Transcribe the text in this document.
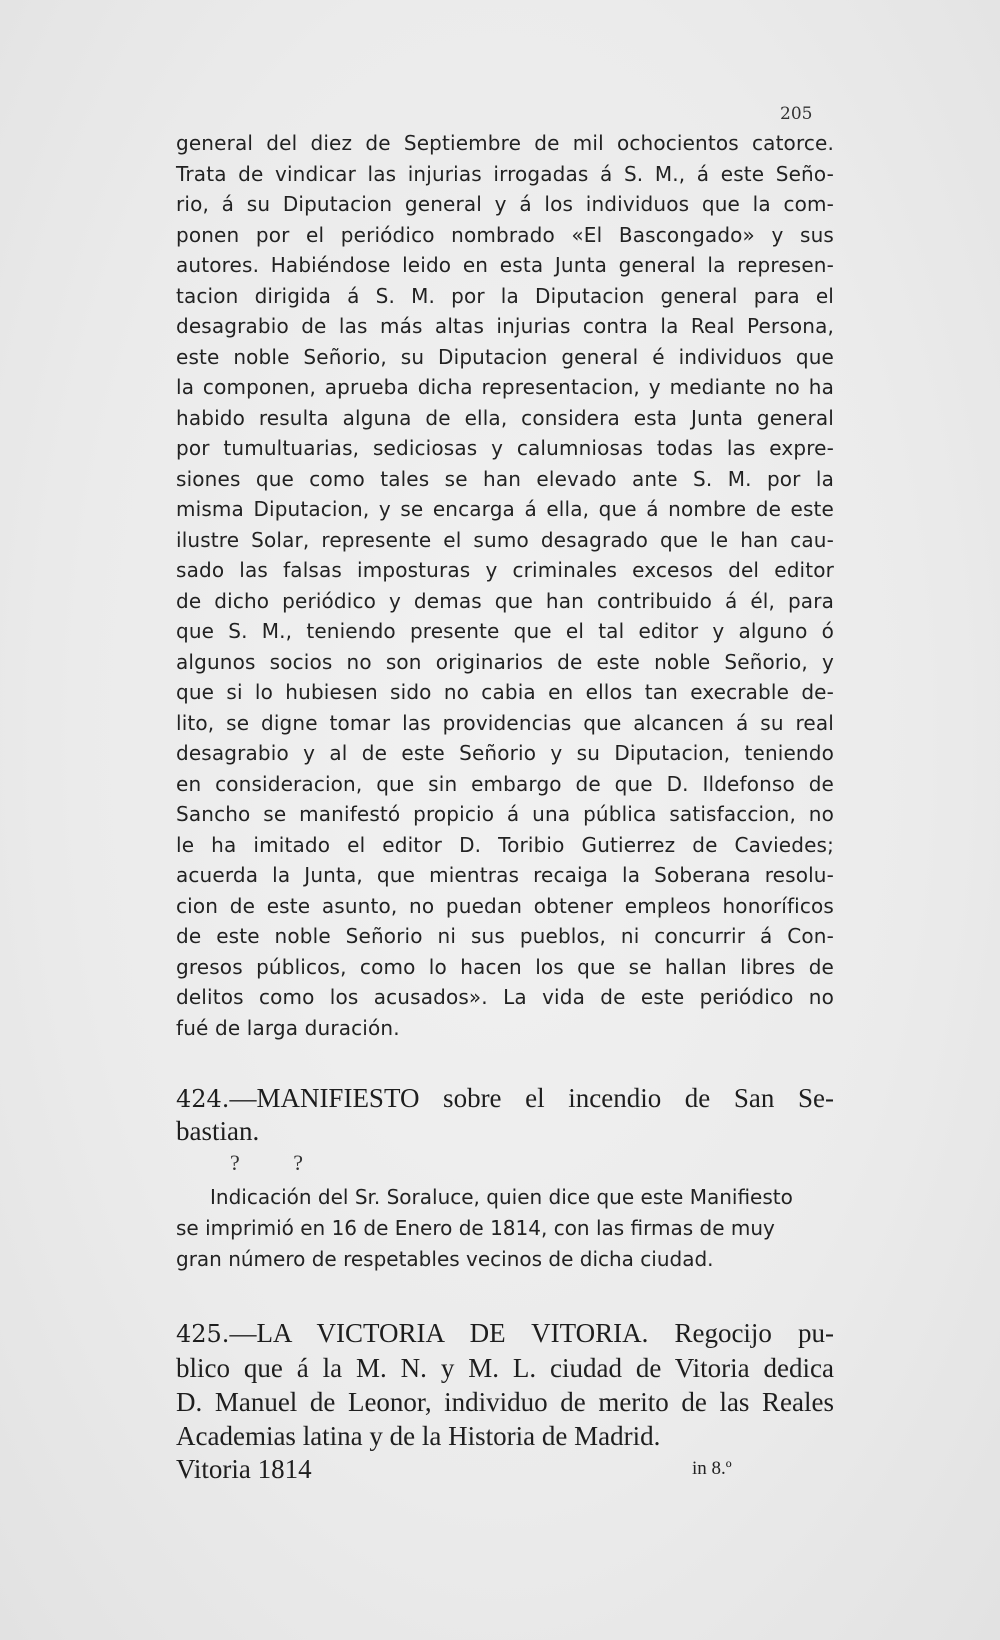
205
general del diez de Septiembre de mil ochocientos catorce.
Trata de vindicar las injurias irrogadas á S. M., á este Seño-
rio, á su Diputacion general y á los individuos que la com-
ponen por el periódico nombrado «El Bascongado» y sus
autores. Habiéndose leido en esta Junta general la represen-
tacion dirigida á S. M. por la Diputacion general para el
desagrabio de las más altas injurias contra la Real Persona,
este noble Señorio, su Diputacion general é individuos que
la componen, aprueba dicha representacion, y mediante no ha
habido resulta alguna de ella, considera esta Junta general
por tumultuarias, sediciosas y calumniosas todas las expre-
siones que como tales se han elevado ante S. M. por la
misma Diputacion, y se encarga á ella, que á nombre de este
ilustre Solar, represente el sumo desagrado que le han cau-
sado las falsas imposturas y criminales excesos del editor
de dicho periódico y demas que han contribuido á él, para
que S. M., teniendo presente que el tal editor y alguno ó
algunos socios no son originarios de este noble Señorio, y
que si lo hubiesen sido no cabia en ellos tan execrable de-
lito, se digne tomar las providencias que alcancen á su real
desagrabio y al de este Señorio y su Diputacion, teniendo
en consideracion, que sin embargo de que D. Ildefonso de
Sancho se manifestó propicio á una pública satisfaccion, no
le ha imitado el editor D. Toribio Gutierrez de Caviedes;
acuerda la Junta, que mientras recaiga la Soberana resolu-
cion de este asunto, no puedan obtener empleos honoríficos
de este noble Señorio ni sus pueblos, ni concurrir á Con-
gresos públicos, como lo hacen los que se hallan libres de
delitos como los acusados». La vida de este periódico no
fué de larga duración.
424.—MANIFIESTO sobre el incendio de San Se-
bastian.
? ?
Indicación del Sr. Soraluce, quien dice que este Manifiesto
se imprimió en 16 de Enero de 1814, con las firmas de muy
gran número de respetables vecinos de dicha ciudad.
425.—LA VICTORIA DE VITORIA. Regocijo pu-
blico que á la M. N. y M. L. ciudad de Vitoria dedica
D. Manuel de Leonor, individuo de merito de las Reales
Academias latina y de la Historia de Madrid.
Vitoria 1814	in 8.º
